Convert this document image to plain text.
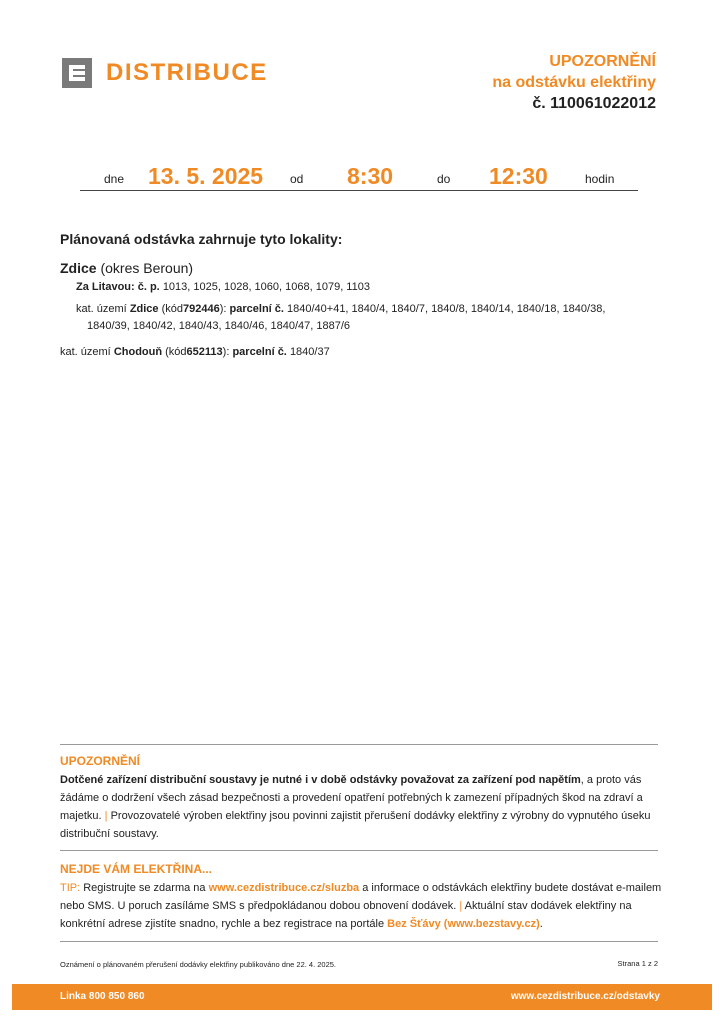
DISTRIBUCE	UPOZORNĚNÍ
na odstávku elektřiny
č. 110061022012
dne 13. 5. 2025 od 8:30	do 12:30	hodin
Plánovaná odstávka zahrnuje tyto lokality:
Zdice (okres Beroun)
Za Litavou: č. p. 1013, 1025, 1028, 1060, 1068, 1079, 1103
kat. území Zdice (kód792446): parcelní č. 1840/40+41, 1840/4, 1840/7, 1840/8, 1840/14, 1840/18, 1840/38,
1840/39, 1840/42, 1840/43, 1840/46, 1840/47, 1887/6
kat. území Chodouň (kód652113): parcelní č. 1840/37
UPOZORNĚNÍ
Dotčené zařízení distribuční soustavy je nutné i v době odstávky považovat za zařízení pod napětím, a proto vás žádáme o dodržení všech zásad bezpečnosti a provedení opatření potřebných k zamezení případných škod na zdraví a majetku. | Provozovatelé výroben elektřiny jsou povinni zajistit přerušení dodávky elektřiny z výrobny do vypnutého úseku distribuční soustavy.
NEJDE VÁM ELEKTŘINA...
TIP: Registrujte se zdarma na www.cezdistribuce.cz/sluzba a informace o odstávkách elektřiny budete dostávat e-mailem nebo SMS. U poruch zasíláme SMS s předpokládanou dobou obnovení dodávek. | Aktuální stav dodávek elektřiny na konkrétní adrese zjistíte snadno, rychle a bez registrace na portále Bez Šťávy (www.bezstavy.cz).
Oznámení o plánovaném přerušení dodávky elektřiny publikováno dne 22. 4. 2025.	Strana 1 z 2
Linka 800 850 860	www.cezdistribuce.cz/odstavky
